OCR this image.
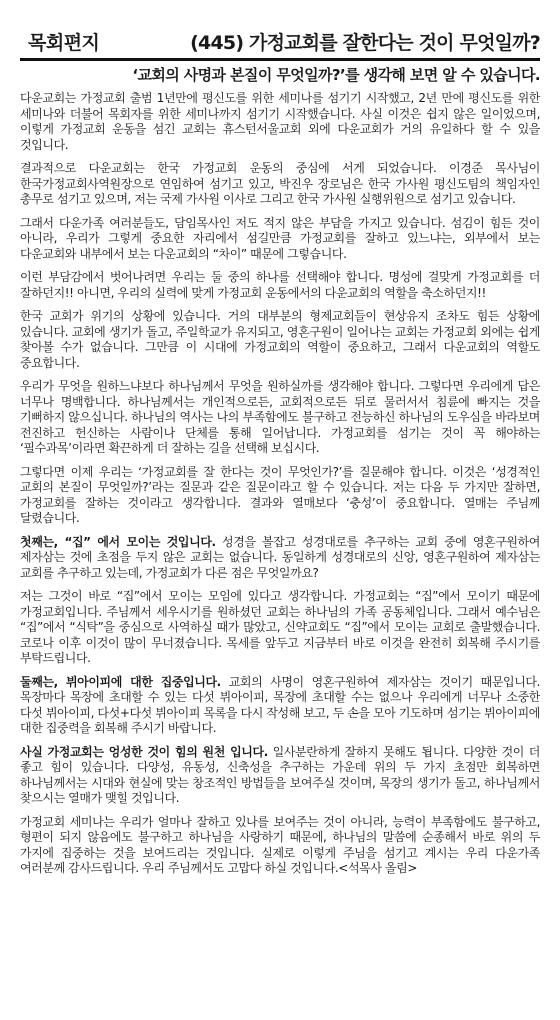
목회편지	(445) 가정교회를 잘한다는 것이 무엇일까?
‘교회의 사명과 본질이 무엇일까?’를 생각해 보면 알 수 있습니다.

다운교회는 가정교회 출범 1년만에 평신도를 위한 세미나를 섬기기 시작했고, 2년 만에 평신도를 위한 세미나와 더불어 목회자를 위한 세미나까지 섬기기 시작했습니다. 사실 이것은 쉽지 않은 일이었으며, 이렇게 가정교회 운동을 섬긴 교회는 휴스턴서울교회 외에 다운교회가 거의 유일하다 할 수 있을 것입니다.

결과적으로 다운교회는 한국 가정교회 운동의 중심에 서게 되었습니다. 이경준 목사님이 한국가정교회사역원장으로 연임하여 섬기고 있고, 박진우 장로님은 한국 가사원 평신도팀의 책임자인 총무로 섬기고 있으며, 저는 국제 가사원 이사로 그리고 한국 가사원 실행위원으로 섬기고 있습니다.

그래서 다운가족 여러분들도, 담임목사인 저도 적지 않은 부담을 가지고 있습니다. 섬김이 힘든 것이 아니라, 우리가 그렇게 중요한 자리에서 섬길만큼 가정교회를 잘하고 있느냐는, 외부에서 보는 다운교회와 내부에서 보는 다운교회의 “차이” 때문에 그렇습니다.

이런 부담감에서 벗어나려면 우리는 둘 중의 하나를 선택해야 합니다. 명성에 걸맞게 가정교회를 더 잘하던지!! 아니면, 우리의 실력에 맞게 가정교회 운동에서의 다운교회의 역할을 축소하던지!!

한국 교회가 위기의 상황에 있습니다. 거의 대부분의 형제교회들이 현상유지 조차도 힘든 상황에 있습니다. 교회에 생기가 돌고, 주일학교가 유지되고, 영혼구원이 일어나는 교회는 가정교회 외에는 쉽게 찾아볼 수가 없습니다. 그만큼 이 시대에 가정교회의 역할이 중요하고, 그래서 다운교회의 역할도 중요합니다.

우리가 무엇을 원하느냐보다 하나님께서 무엇을 원하실까를 생각해야 합니다. 그렇다면 우리에게 답은 너무나 명백합니다. 하나님께서는 개인적으로든, 교회적으로든 뒤로 물러서서 침륜에 빠지는 것을 기뻐하지 않으십니다. 하나님의 역사는 나의 부족함에도 불구하고 전능하신 하나님의 도우심을 바라보며 전진하고 헌신하는 사람이나 단체를 통해 일어납니다. 가정교회를 섬기는 것이 꼭 해야하는 ‘필수과목’이라면 확끈하게 더 잘하는 길을 선택해 보십시다.

그렇다면 이제 우리는 ‘가정교회를 잘 한다는 것이 무엇인가?’를 질문해야 합니다. 이것은 ‘성경적인 교회의 본질이 무엇일까?’라는 질문과 같은 질문이라고 할 수 있습니다. 저는 다음 두 가지만 잘하면, 가정교회를 잘하는 것이라고 생각합니다. 결과와 열매보다 ‘충성’이 중요합니다. 열매는 주님께 달렸습니다.

첫째는, “집” 에서 모이는 것입니다. 성경을 볼잡고 성경대로를 추구하는 교회 중에 영혼구원하여 제자삼는 것에 초점을 두지 않은 교회는 없습니다. 동일하게 성경대로의 신앙, 영혼구원하여 제자삼는 교회를 추구하고 있는데, 가정교회가 다른 점은 무엇일까요?

저는 그것이 바로 “집”에서 모이는 모임에 있다고 생각합니다. 가정교회는 “집”에서 모이기 때문에 가정교회입니다. 주님께서 세우시기를 원하셨던 교회는 하나님의 가족 공동체입니다. 그래서 예수님은 “집”에서 “식탁”을 중심으로 사역하실 때가 많았고, 신약교회도 “집”에서 모이는 교회로 출발했습니다. 코로나 이후 이것이 많이 무너졌습니다. 목세를 앞두고 지금부터 바로 이것을 완전히 회복해 주시기를 부탁드립니다.

둘째는, 뷔아이피에 대한 집중입니다. 교회의 사명이 영혼구원하여 제자삼는 것이기 때문입니다. 목장마다 목장에 초대할 수 있는 다섯 뷔아이피, 목장에 초대할 수는 없으나 우리에게 너무나 소중한 다섯 뷔아이피, 다섯+다섯 뷔아이피 목록을 다시 작성해 보고, 두 손을 모아 기도하며 섬기는 뷔아이피에 대한 집중력을 회복해 주시기 바랍니다.

사실 가정교회는 엉성한 것이 힘의 원천 입니다. 일사분란하게 잘하지 못해도 됩니다. 다양한 것이 더 좋고 힘이 있습니다. 다양성, 유동성, 신축성을 추구하는 가운데 위의 두 가지 초점만 회복하면 하나님께서는 시대와 현실에 맞는 창조적인 방법들을 보여주실 것이며, 목장의 생기가 돌고, 하나님께서 찾으시는 열매가 맺힐 것입니다.

가정교회 세미나는 우리가 얼마나 잘하고 있나를 보여주는 것이 아니라, 능력이 부족함에도 불구하고, 형편이 되지 않음에도 불구하고 하나님을 사랑하기 때문에, 하나님의 말씀에 순종해서 바로 위의 두 가지에 집중하는 것을 보여드리는 것입니다. 실제로 이렇게 주님을 섬기고 계시는 우리 다운가족 여러분께 감사드립니다. 우리 주님께서도 고맙다 하실 것입니다.<석목사 올림>
